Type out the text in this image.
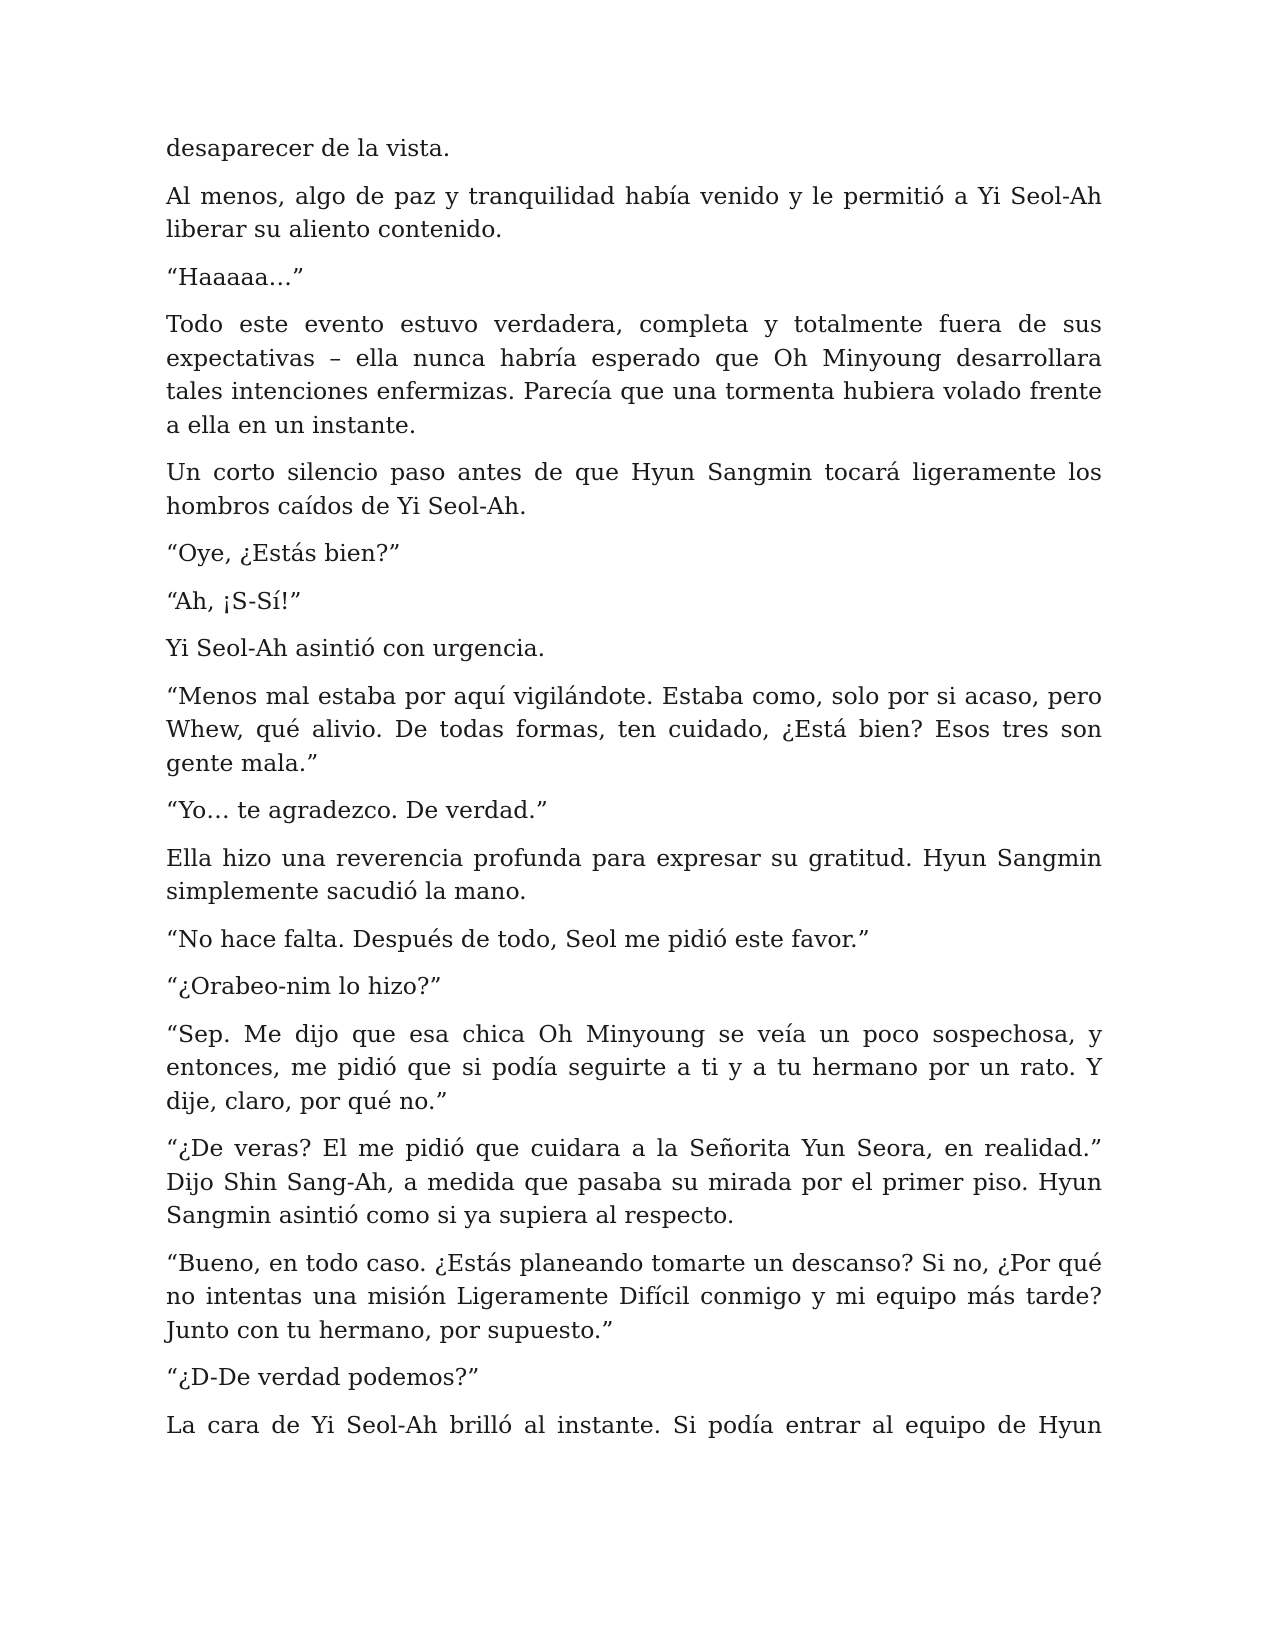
desaparecer de la vista.

Al menos, algo de paz y tranquilidad había venido y le permitió a Yi Seol-Ah liberar su aliento contenido.

“Haaaaa…”

Todo este evento estuvo verdadera, completa y totalmente fuera de sus expectativas – ella nunca habría esperado que Oh Minyoung desarrollara tales intenciones enfermizas. Parecía que una tormenta hubiera volado frente a ella en un instante.

Un corto silencio paso antes de que Hyun Sangmin tocará ligeramente los hombros caídos de Yi Seol-Ah.

“Oye, ¿Estás bien?”

“Ah, ¡S-Sí!”

Yi Seol-Ah asintió con urgencia.

“Menos mal estaba por aquí vigilándote. Estaba como, solo por si acaso, pero Whew, qué alivio. De todas formas, ten cuidado, ¿Está bien? Esos tres son gente mala.”

“Yo… te agradezco. De verdad.”

Ella hizo una reverencia profunda para expresar su gratitud. Hyun Sangmin simplemente sacudió la mano.

“No hace falta. Después de todo, Seol me pidió este favor.”

“¿Orabeo-nim lo hizo?”

“Sep. Me dijo que esa chica Oh Minyoung se veía un poco sospechosa, y entonces, me pidió que si podía seguirte a ti y a tu hermano por un rato. Y dije, claro, por qué no.”

“¿De veras? El me pidió que cuidara a la Señorita Yun Seora, en realidad.” Dijo Shin Sang-Ah, a medida que pasaba su mirada por el primer piso. Hyun Sangmin asintió como si ya supiera al respecto.

“Bueno, en todo caso. ¿Estás planeando tomarte un descanso? Si no, ¿Por qué no intentas una misión Ligeramente Difícil conmigo y mi equipo más tarde? Junto con tu hermano, por supuesto.”

“¿D-De verdad podemos?”

La cara de Yi Seol-Ah brilló al instante. Si podía entrar al equipo de Hyun
